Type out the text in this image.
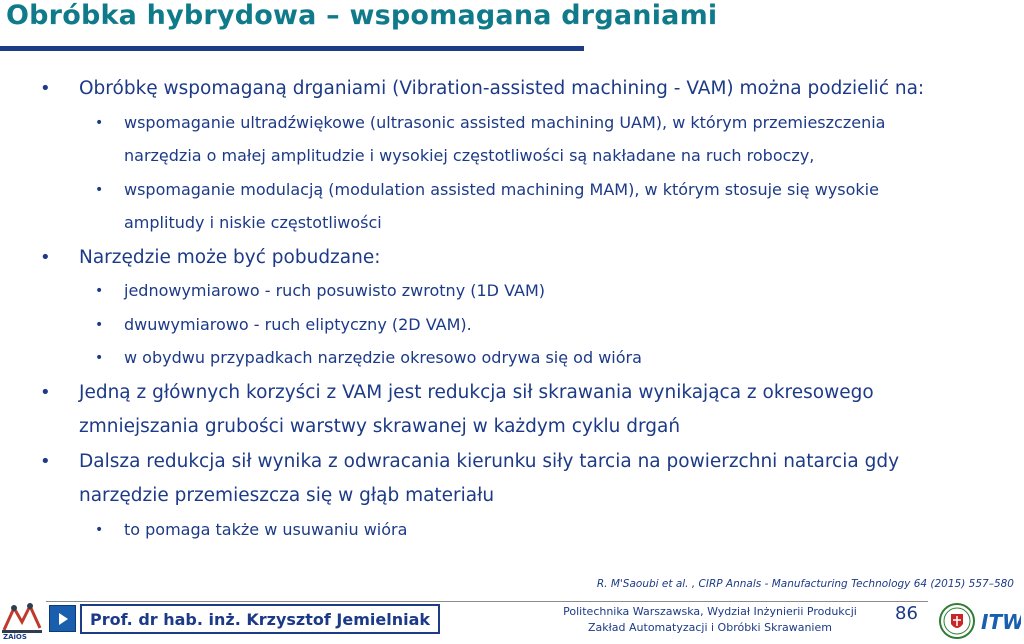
Obróbka hybrydowa – wspomagana drganiami
• Obróbkę wspomaganą drganiami (Vibration-assisted machining - VAM) można podzielić na:
• wspomaganie ultradźwiękowe (ultrasonic assisted machining UAM), w którym przemieszczenia
narzędzia o małej amplitudzie i wysokiej częstotliwości są nakładane na ruch roboczy,
• wspomaganie modulacją (modulation assisted machining MAM), w którym stosuje się wysokie
amplitudy i niskie częstotliwości
• Narzędzie może być pobudzane:
• jednowymiarowo - ruch posuwisto zwrotny (1D VAM)
• dwuwymiarowo - ruch eliptyczny (2D VAM).
• w obydwu przypadkach narzędzie okresowo odrywa się od wióra
• Jedną z głównych korzyści z VAM jest redukcja sił skrawania wynikająca z okresowego
zmniejszania grubości warstwy skrawanej w każdym cyklu drgań
• Dalsza redukcja sił wynika z odwracania kierunku siły tarcia na powierzchni natarcia gdy
narzędzie przemieszcza się w głąb materiału
• to pomaga także w usuwaniu wióra
R. M'Saoubi et al. , CIRP Annals - Manufacturing Technology 64 (2015) 557–580
ZAiOS
Prof. dr hab. inż. Krzysztof Jemielniak	Politechnika Warszawska, Wydział Inżynierii Produkcji
Zakład Automatyzacji i Obróbki Skrawaniem
86	ITW
